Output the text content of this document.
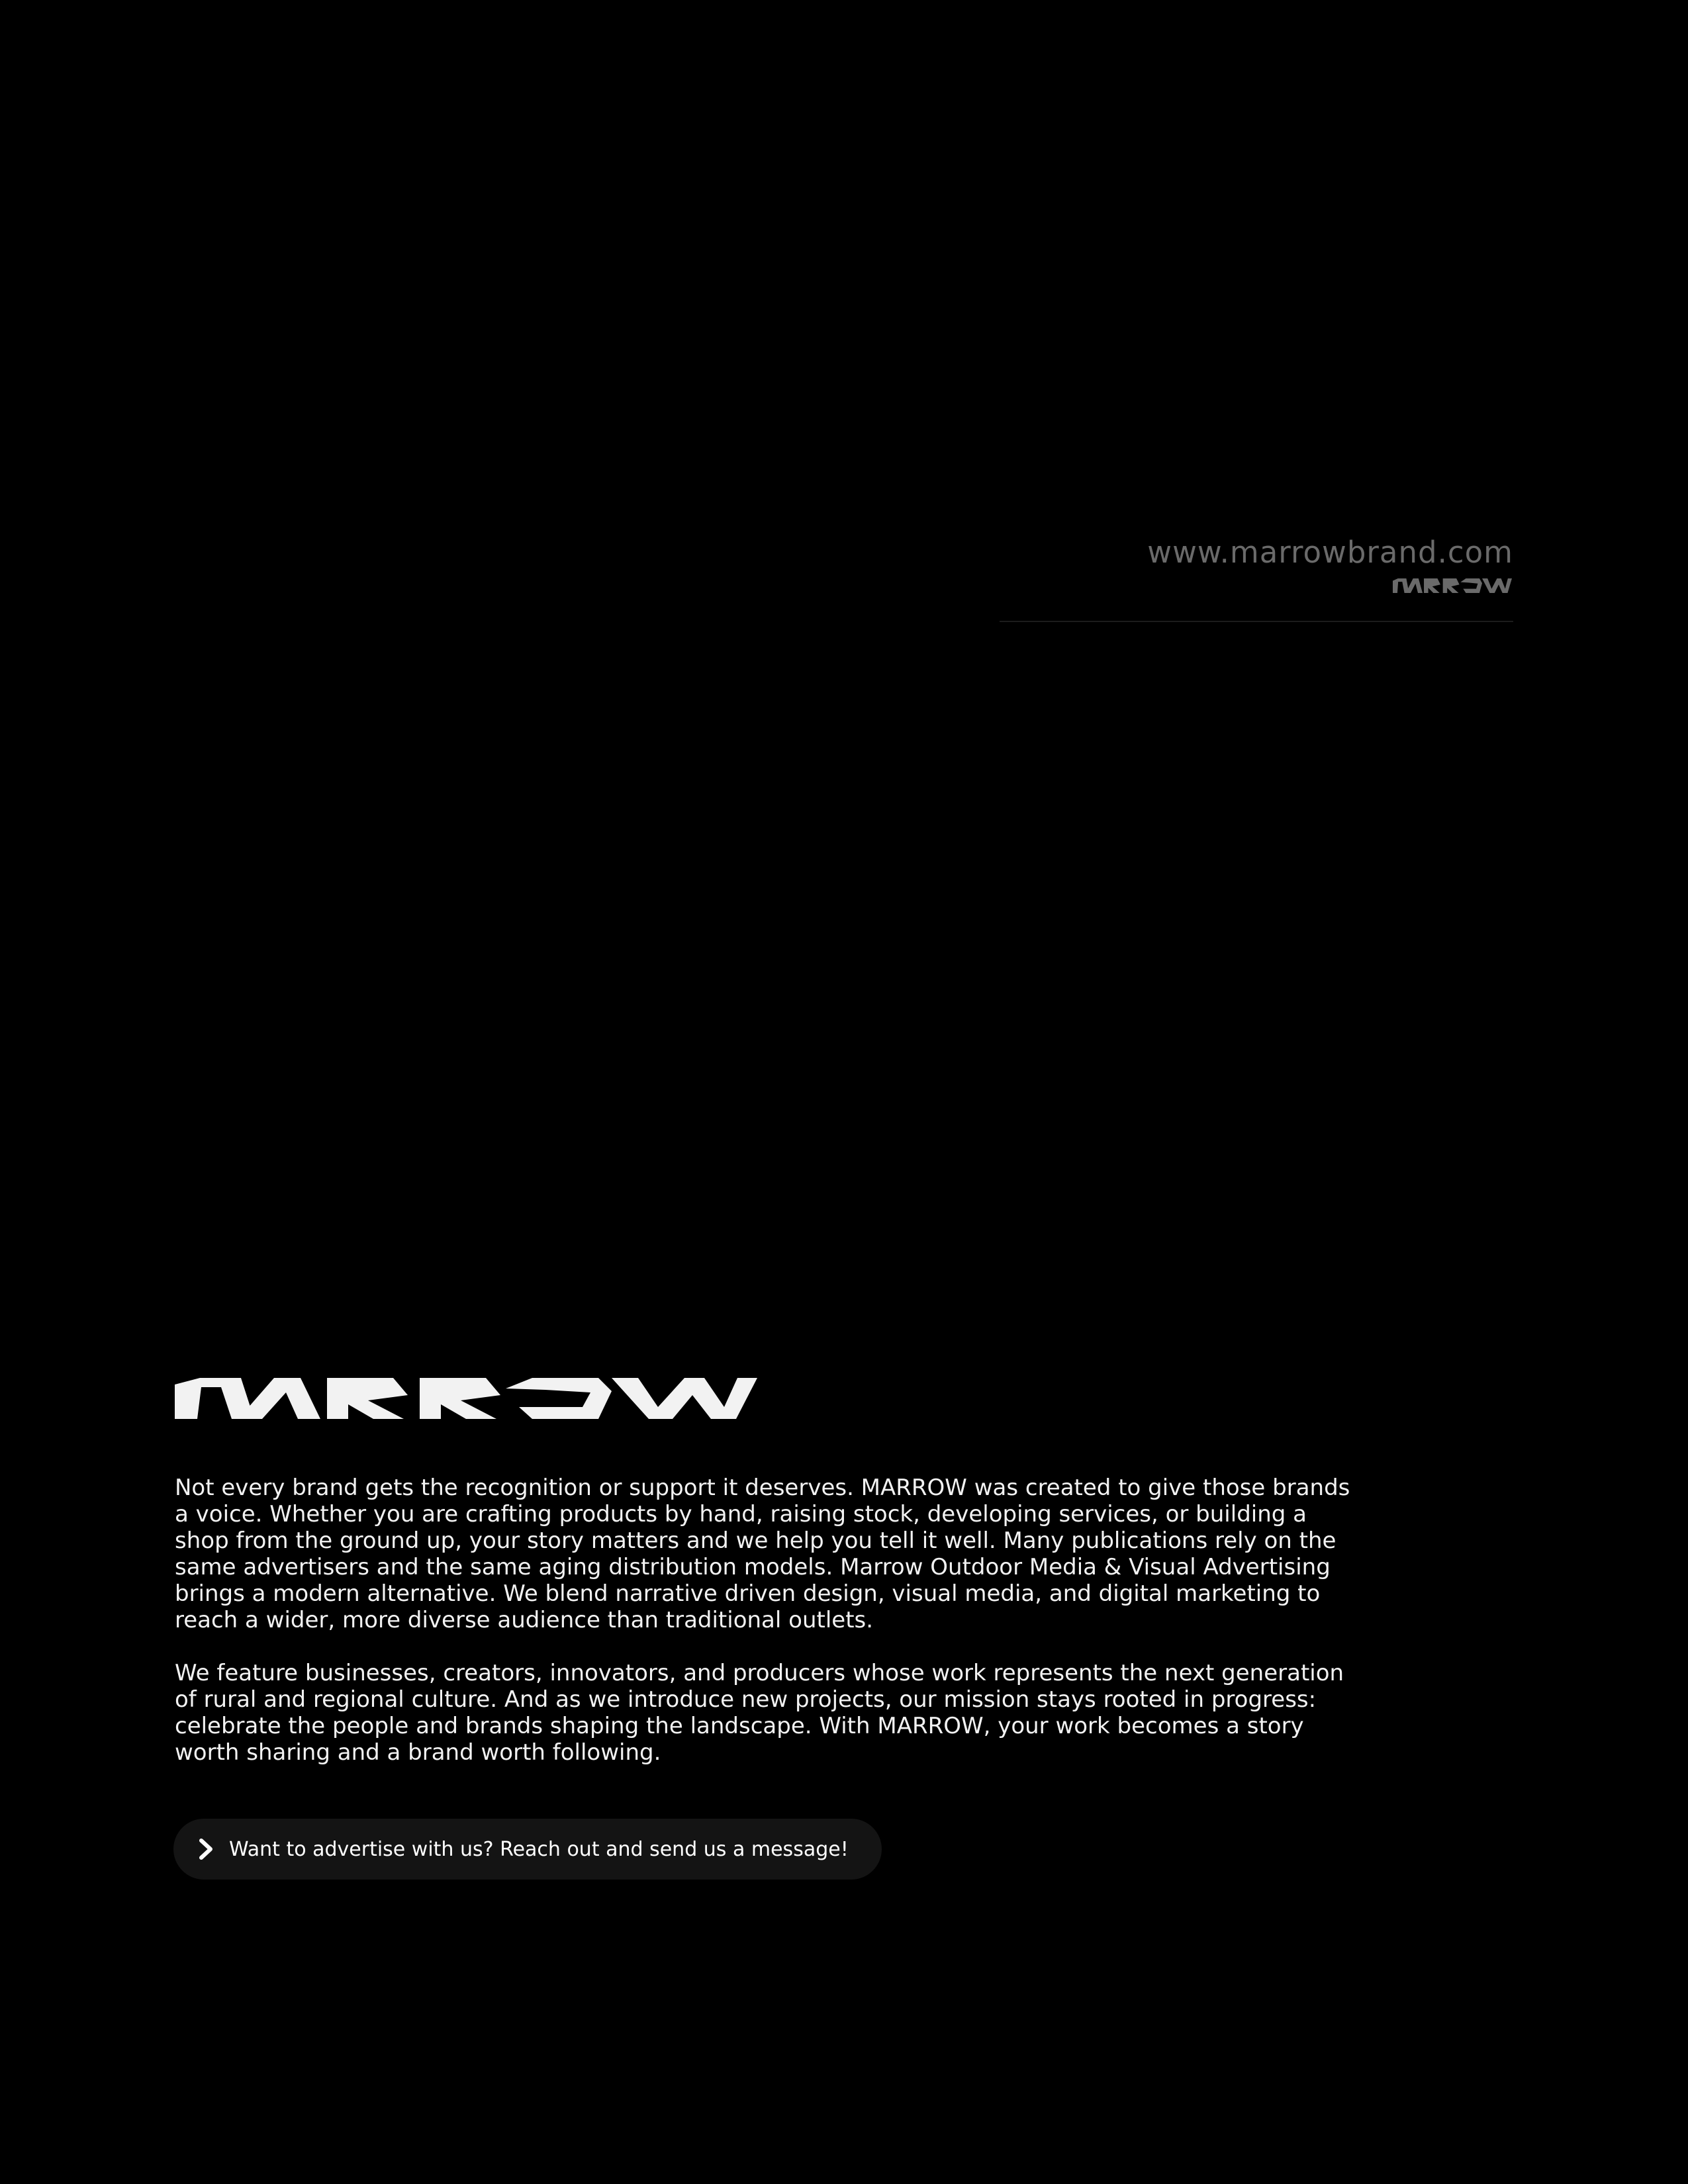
www.marrowbrand.com

Not every brand gets the recognition or support it deserves. MARROW was created to give those brands a voice. Whether you are crafting products by hand, raising stock, developing services, or building a shop from the ground up, your story matters and we help you tell it well. Many publications rely on the same advertisers and the same aging distribution models. Marrow Outdoor Media & Visual Advertising brings a modern alternative. We blend narrative driven design, visual media, and digital marketing to reach a wider, more diverse audience than traditional outlets.

We feature businesses, creators, innovators, and producers whose work represents the next generation of rural and regional culture. And as we introduce new projects, our mission stays rooted in progress: celebrate the people and brands shaping the landscape. With MARROW, your work becomes a story worth sharing and a brand worth following.

Want to advertise with us? Reach out and send us a message!
